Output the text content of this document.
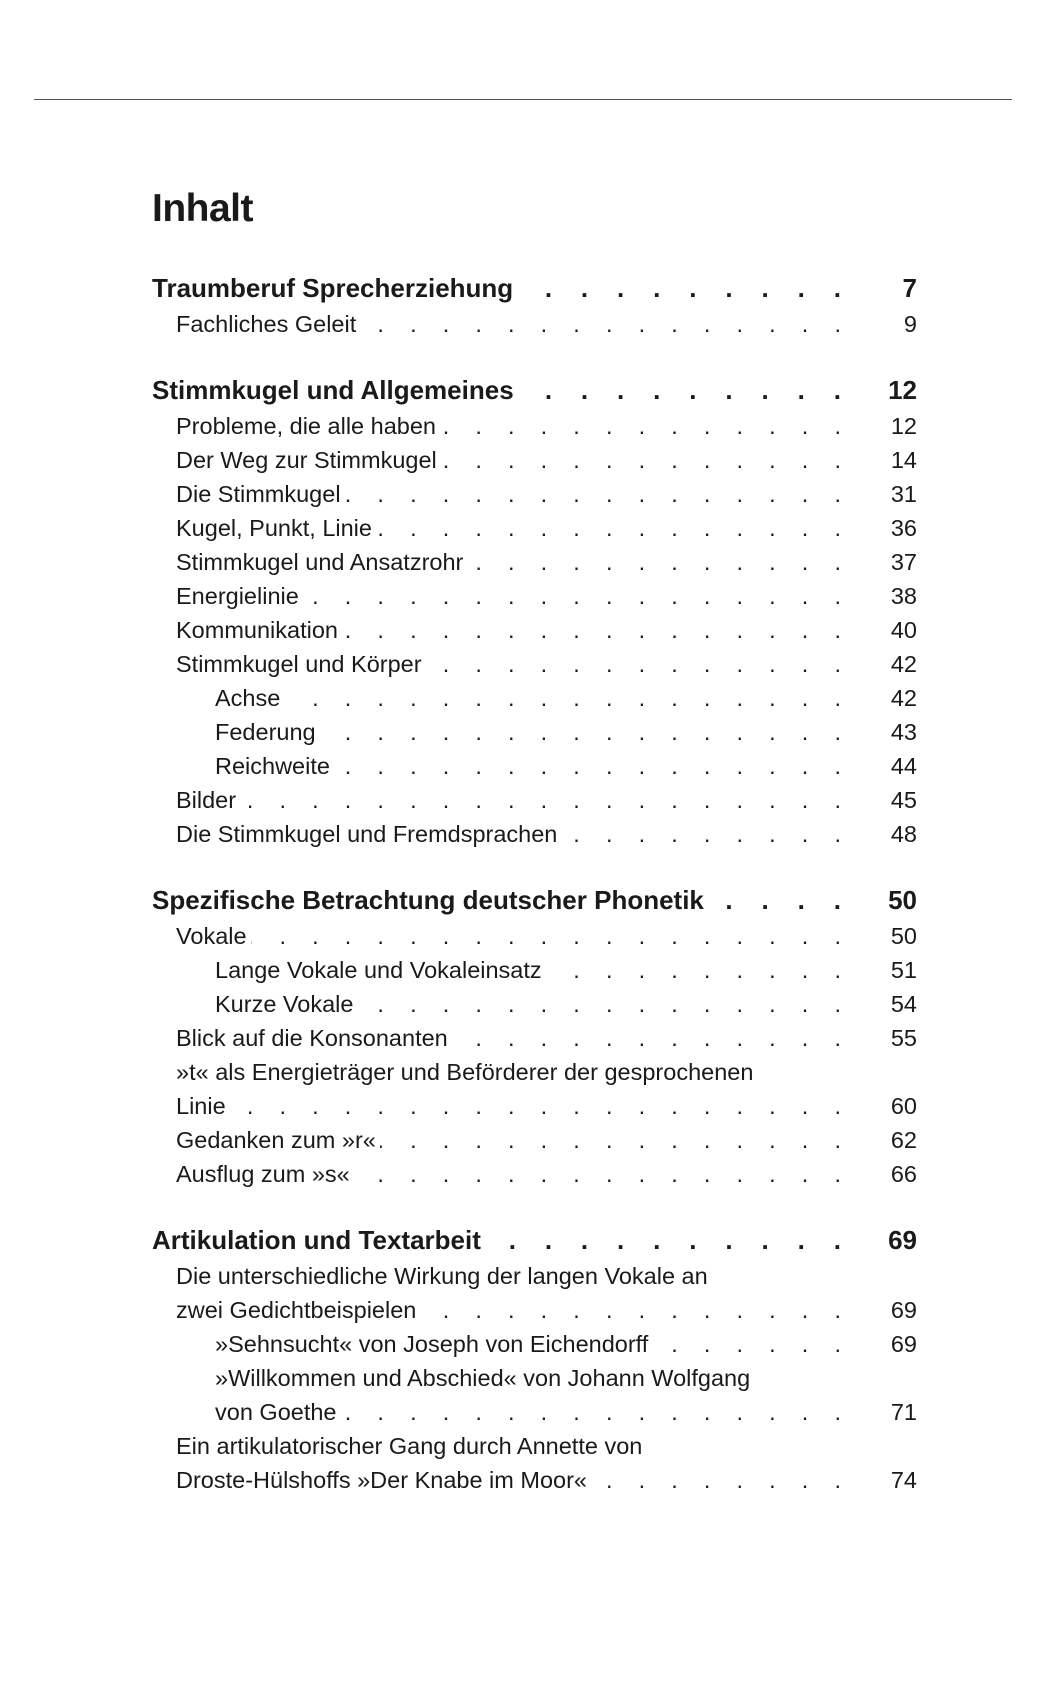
Inhalt
Traumberuf Sprecherziehung .	7
Fachliches Geleit .	9
Stimmkugel und Allgemeines .	12
Probleme, die alle haben .	12
Der Weg zur Stimmkugel .	14
Die Stimmkugel .	31
Kugel, Punkt, Linie .	36
Stimmkugel und Ansatzrohr .	37
Energielinie .	38
Kommunikation .	40
Stimmkugel und Körper .	42
Achse .	42
Federung .	43
Reichweite .	44
Bilder .	45
Die Stimmkugel und Fremdsprachen .	48
Spezifische Betrachtung deutscher Phonetik .	50
Vokale .	50
Lange Vokale und Vokaleinsatz .	51
Kurze Vokale .	54
Blick auf die Konsonanten .	55
»t« als Energieträger und Beförderer der gesprochenen
Linie .	60
Gedanken zum »r« .	62
Ausflug zum »s« .	66
Artikulation und Textarbeit .	69
Die unterschiedliche Wirkung der langen Vokale an
zwei Gedichtbeispielen .	69
»Sehnsucht« von Joseph von Eichendorff .	69
»Willkommen und Abschied« von Johann Wolfgang
von Goethe .	71
Ein artikulatorischer Gang durch Annette von
Droste-Hülshoffs »Der Knabe im Moor« .	74
